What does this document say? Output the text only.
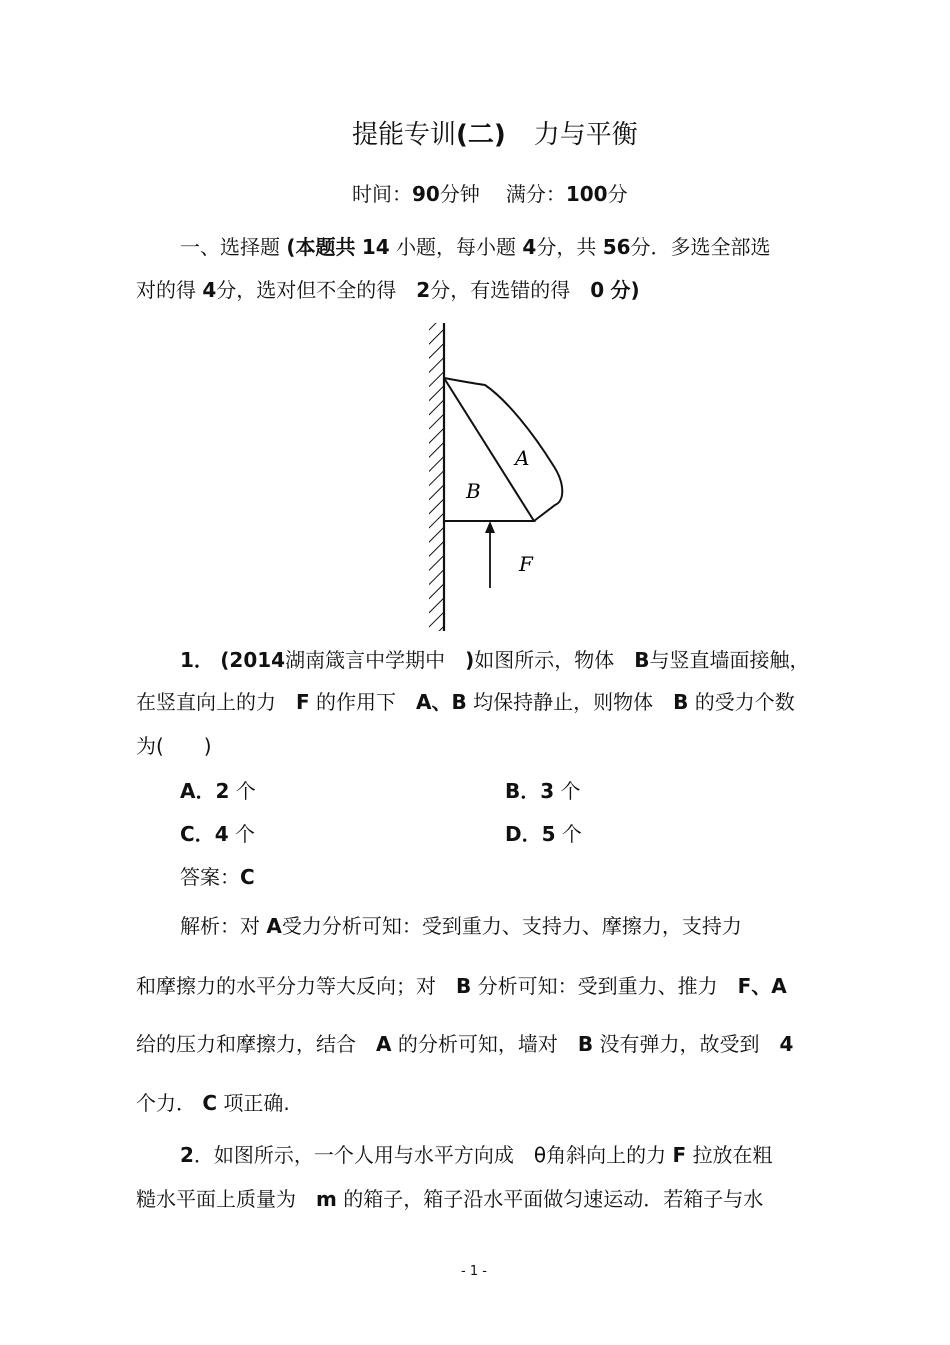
提能专训(二) 力与平衡
时间：90分钟 满分：100分
一、选择题 (本题共 14 小题，每小题 4分，共 56分．多选全部选
对的得 4分，选对但不全的得　 2分，有选错的得　 0 分)
A
B
F
1． (2014湖南箴言中学期中　 )如图所示，物体　 B与竖直墙面接触，
在竖直向上的力　 F 的作用下　 A、B 均保持静止，则物体　 B 的受力个数
为(　　)
A．2 个	B．3 个
C．4 个	D．5 个
答案：C
解析：对 A受力分析可知：受到重力、支持力、摩擦力，支持力
和摩擦力的水平分力等大反向；对　 B 分析可知：受到重力、推力　 F、A
给的压力和摩擦力，结合　 A 的分析可知，墙对　 B 没有弹力，故受到　 4
个力． C 项正确.
2．如图所示，一个人用与水平方向成　 θ角斜向上的力 F 拉放在粗
糙水平面上质量为　 m 的箱子，箱子沿水平面做匀速运动．若箱子与水
- 1 -
